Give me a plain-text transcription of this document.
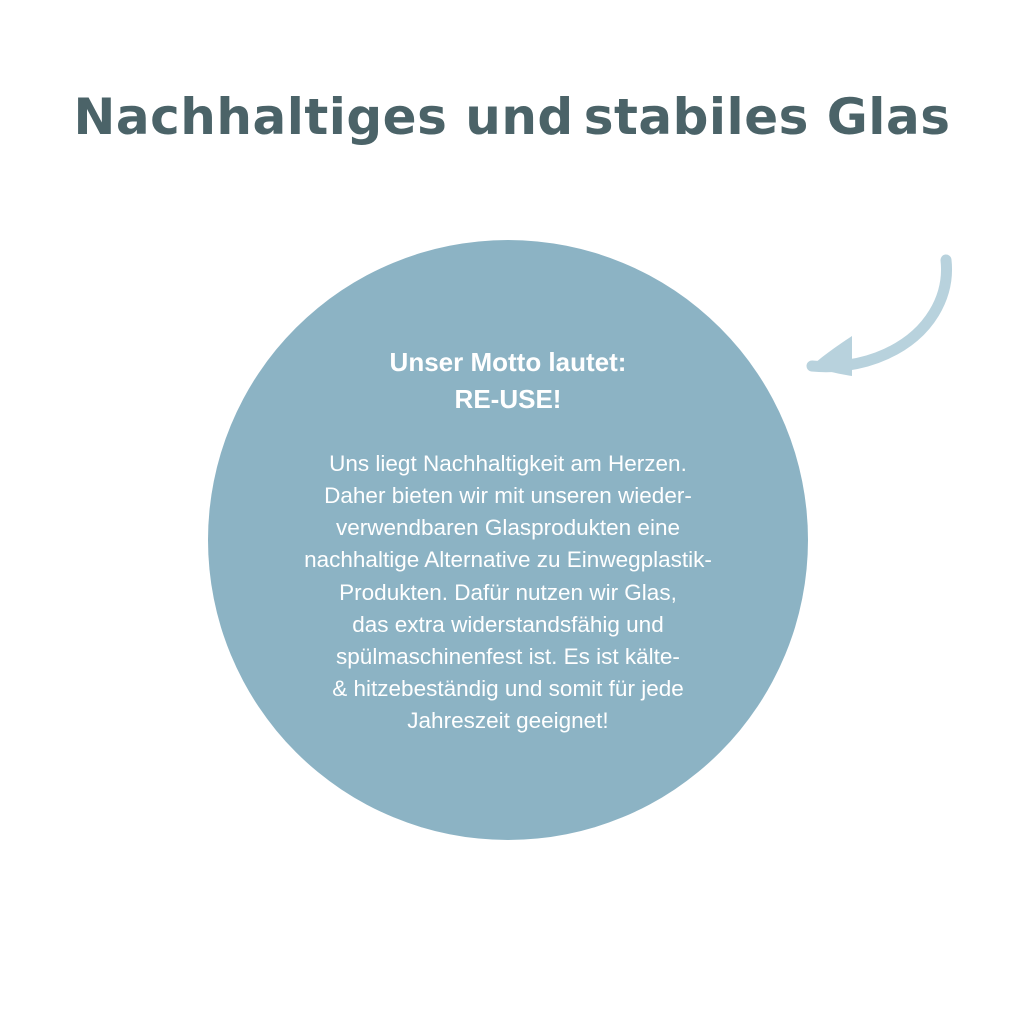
Nachhaltiges und stabiles Glas
Unser Motto lautet:
RE-USE!
Uns liegt Nachhaltigkeit am Herzen.
Daher bieten wir mit unseren wieder-
verwendbaren Glasprodukten eine
nachhaltige Alternative zu Einwegplastik-
Produkten. Dafür nutzen wir Glas,
das extra widerstandsfähig und
spülmaschinenfest ist. Es ist kälte-
& hitzebeständig und somit für jede
Jahreszeit geeignet!
